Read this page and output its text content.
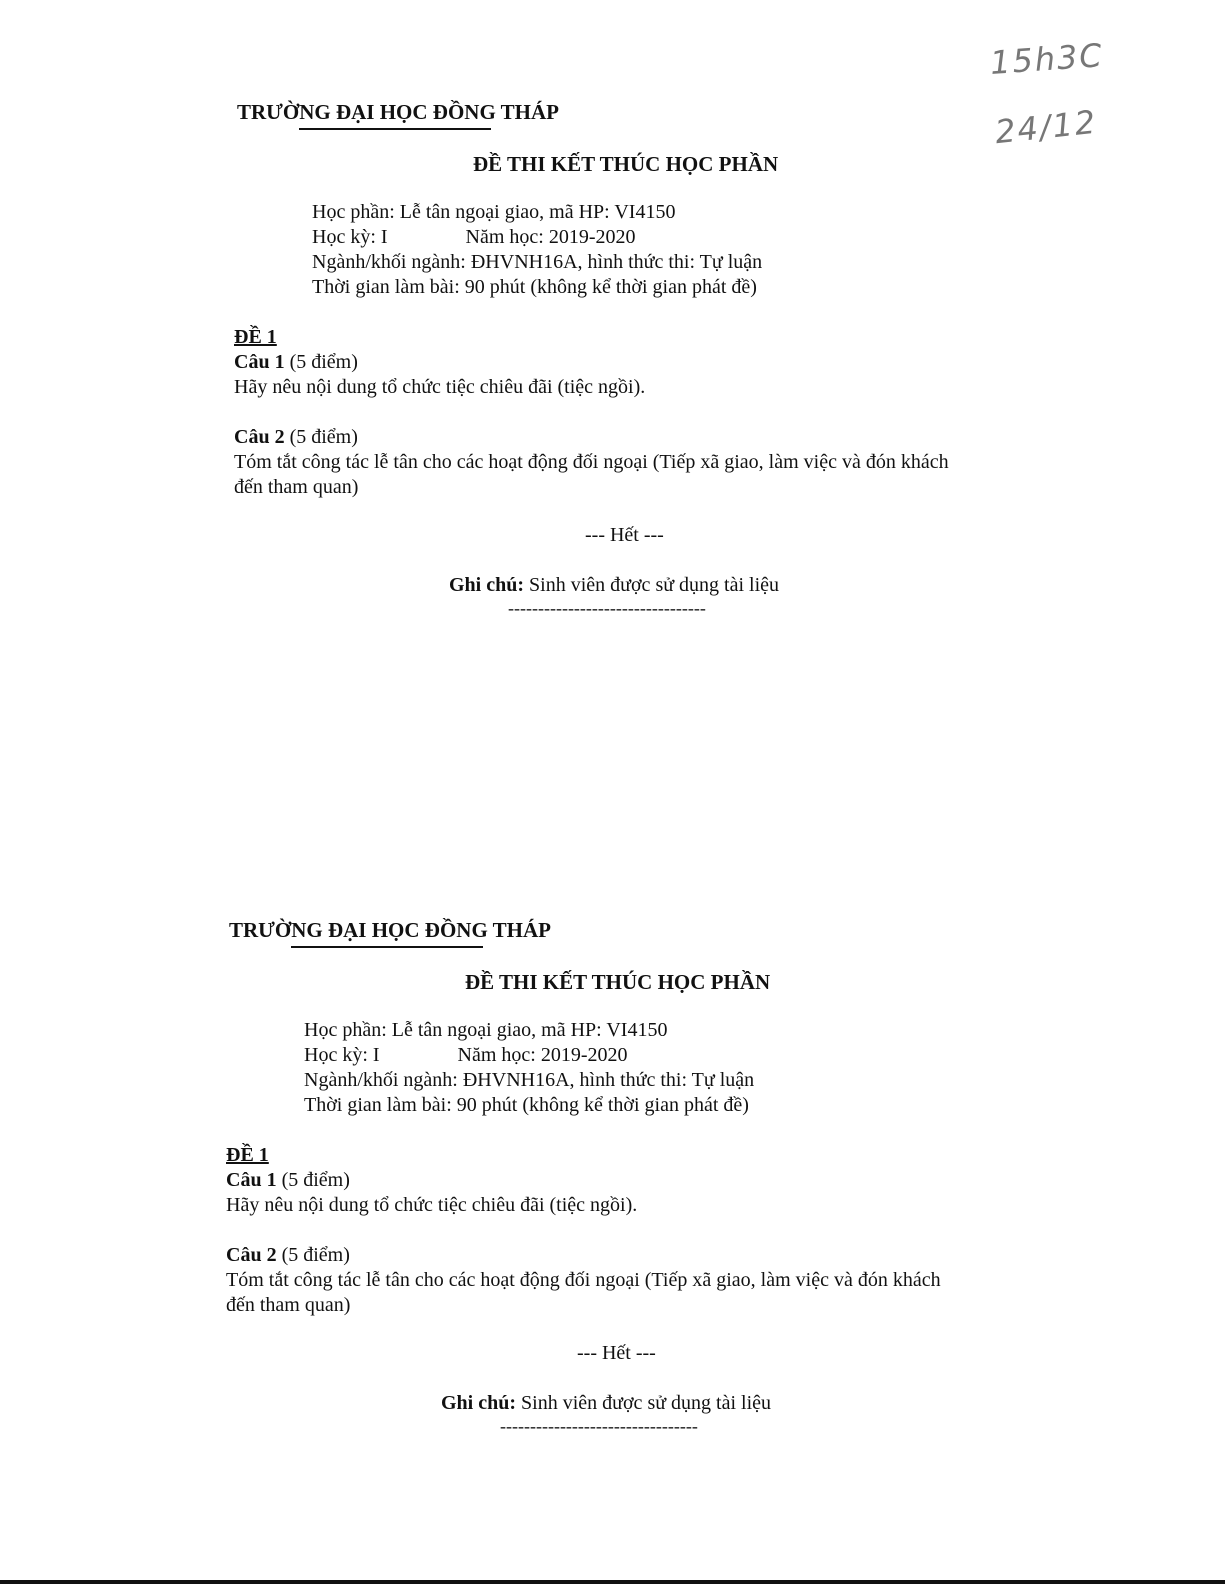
15h3C
24/12
TRƯỜNG ĐẠI HỌC ĐỒNG THÁP
ĐỀ THI KẾT THÚC HỌC PHẦN
Học phần: Lễ tân ngoại giao, mã HP: VI4150
Học kỳ: I	Năm học: 2019-2020
Ngành/khối ngành: ĐHVNH16A, hình thức thi: Tự luận
Thời gian làm bài: 90 phút (không kể thời gian phát đề)
ĐỀ 1
Câu 1 (5 điểm)
Hãy nêu nội dung tổ chức tiệc chiêu đãi (tiệc ngồi).
Câu 2 (5 điểm)
Tóm tắt công tác lễ tân cho các hoạt động đối ngoại (Tiếp xã giao, làm việc và đón khách
đến tham quan)
--- Hết ---
Ghi chú: Sinh viên được sử dụng tài liệu
---------------------------------
TRƯỜNG ĐẠI HỌC ĐỒNG THÁP
ĐỀ THI KẾT THÚC HỌC PHẦN
Học phần: Lễ tân ngoại giao, mã HP: VI4150
Học kỳ: I	Năm học: 2019-2020
Ngành/khối ngành: ĐHVNH16A, hình thức thi: Tự luận
Thời gian làm bài: 90 phút (không kể thời gian phát đề)
ĐỀ 1
Câu 1 (5 điểm)
Hãy nêu nội dung tổ chức tiệc chiêu đãi (tiệc ngồi).
Câu 2 (5 điểm)
Tóm tắt công tác lễ tân cho các hoạt động đối ngoại (Tiếp xã giao, làm việc và đón khách
đến tham quan)
--- Hết ---
Ghi chú: Sinh viên được sử dụng tài liệu
---------------------------------
